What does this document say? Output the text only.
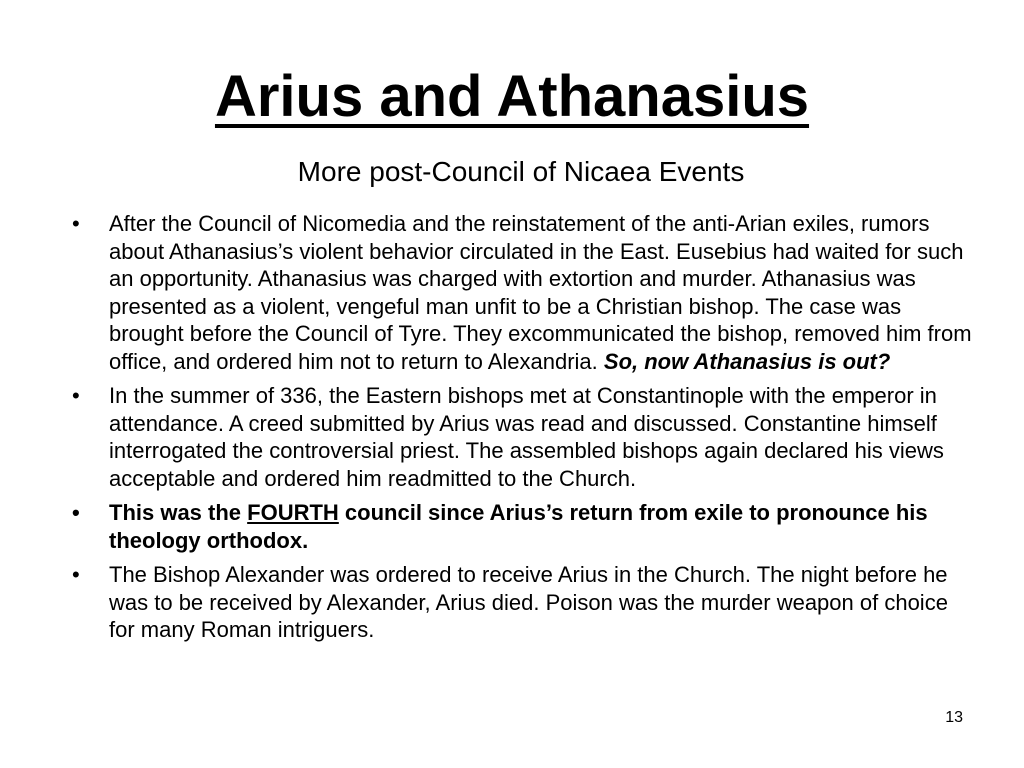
Arius and Athanasius
More post-Council of Nicaea Events
• After the Council of Nicomedia and the reinstatement of the anti-Arian exiles, rumors about Athanasius’s violent behavior circulated in the East. Eusebius had waited for such an opportunity. Athanasius was charged with extortion and murder. Athanasius was presented as a violent, vengeful man unfit to be a Christian bishop. The case was brought before the Council of Tyre. They excommunicated the bishop, removed him from office, and ordered him not to return to Alexandria. So, now Athanasius is out?
• In the summer of 336, the Eastern bishops met at Constantinople with the emperor in attendance. A creed submitted by Arius was read and discussed. Constantine himself interrogated the controversial priest. The assembled bishops again declared his views acceptable and ordered him readmitted to the Church.
• This was the FOURTH council since Arius’s return from exile to pronounce his theology orthodox.
• The Bishop Alexander was ordered to receive Arius in the Church. The night before he was to be received by Alexander, Arius died. Poison was the murder weapon of choice for many Roman intriguers.
13
